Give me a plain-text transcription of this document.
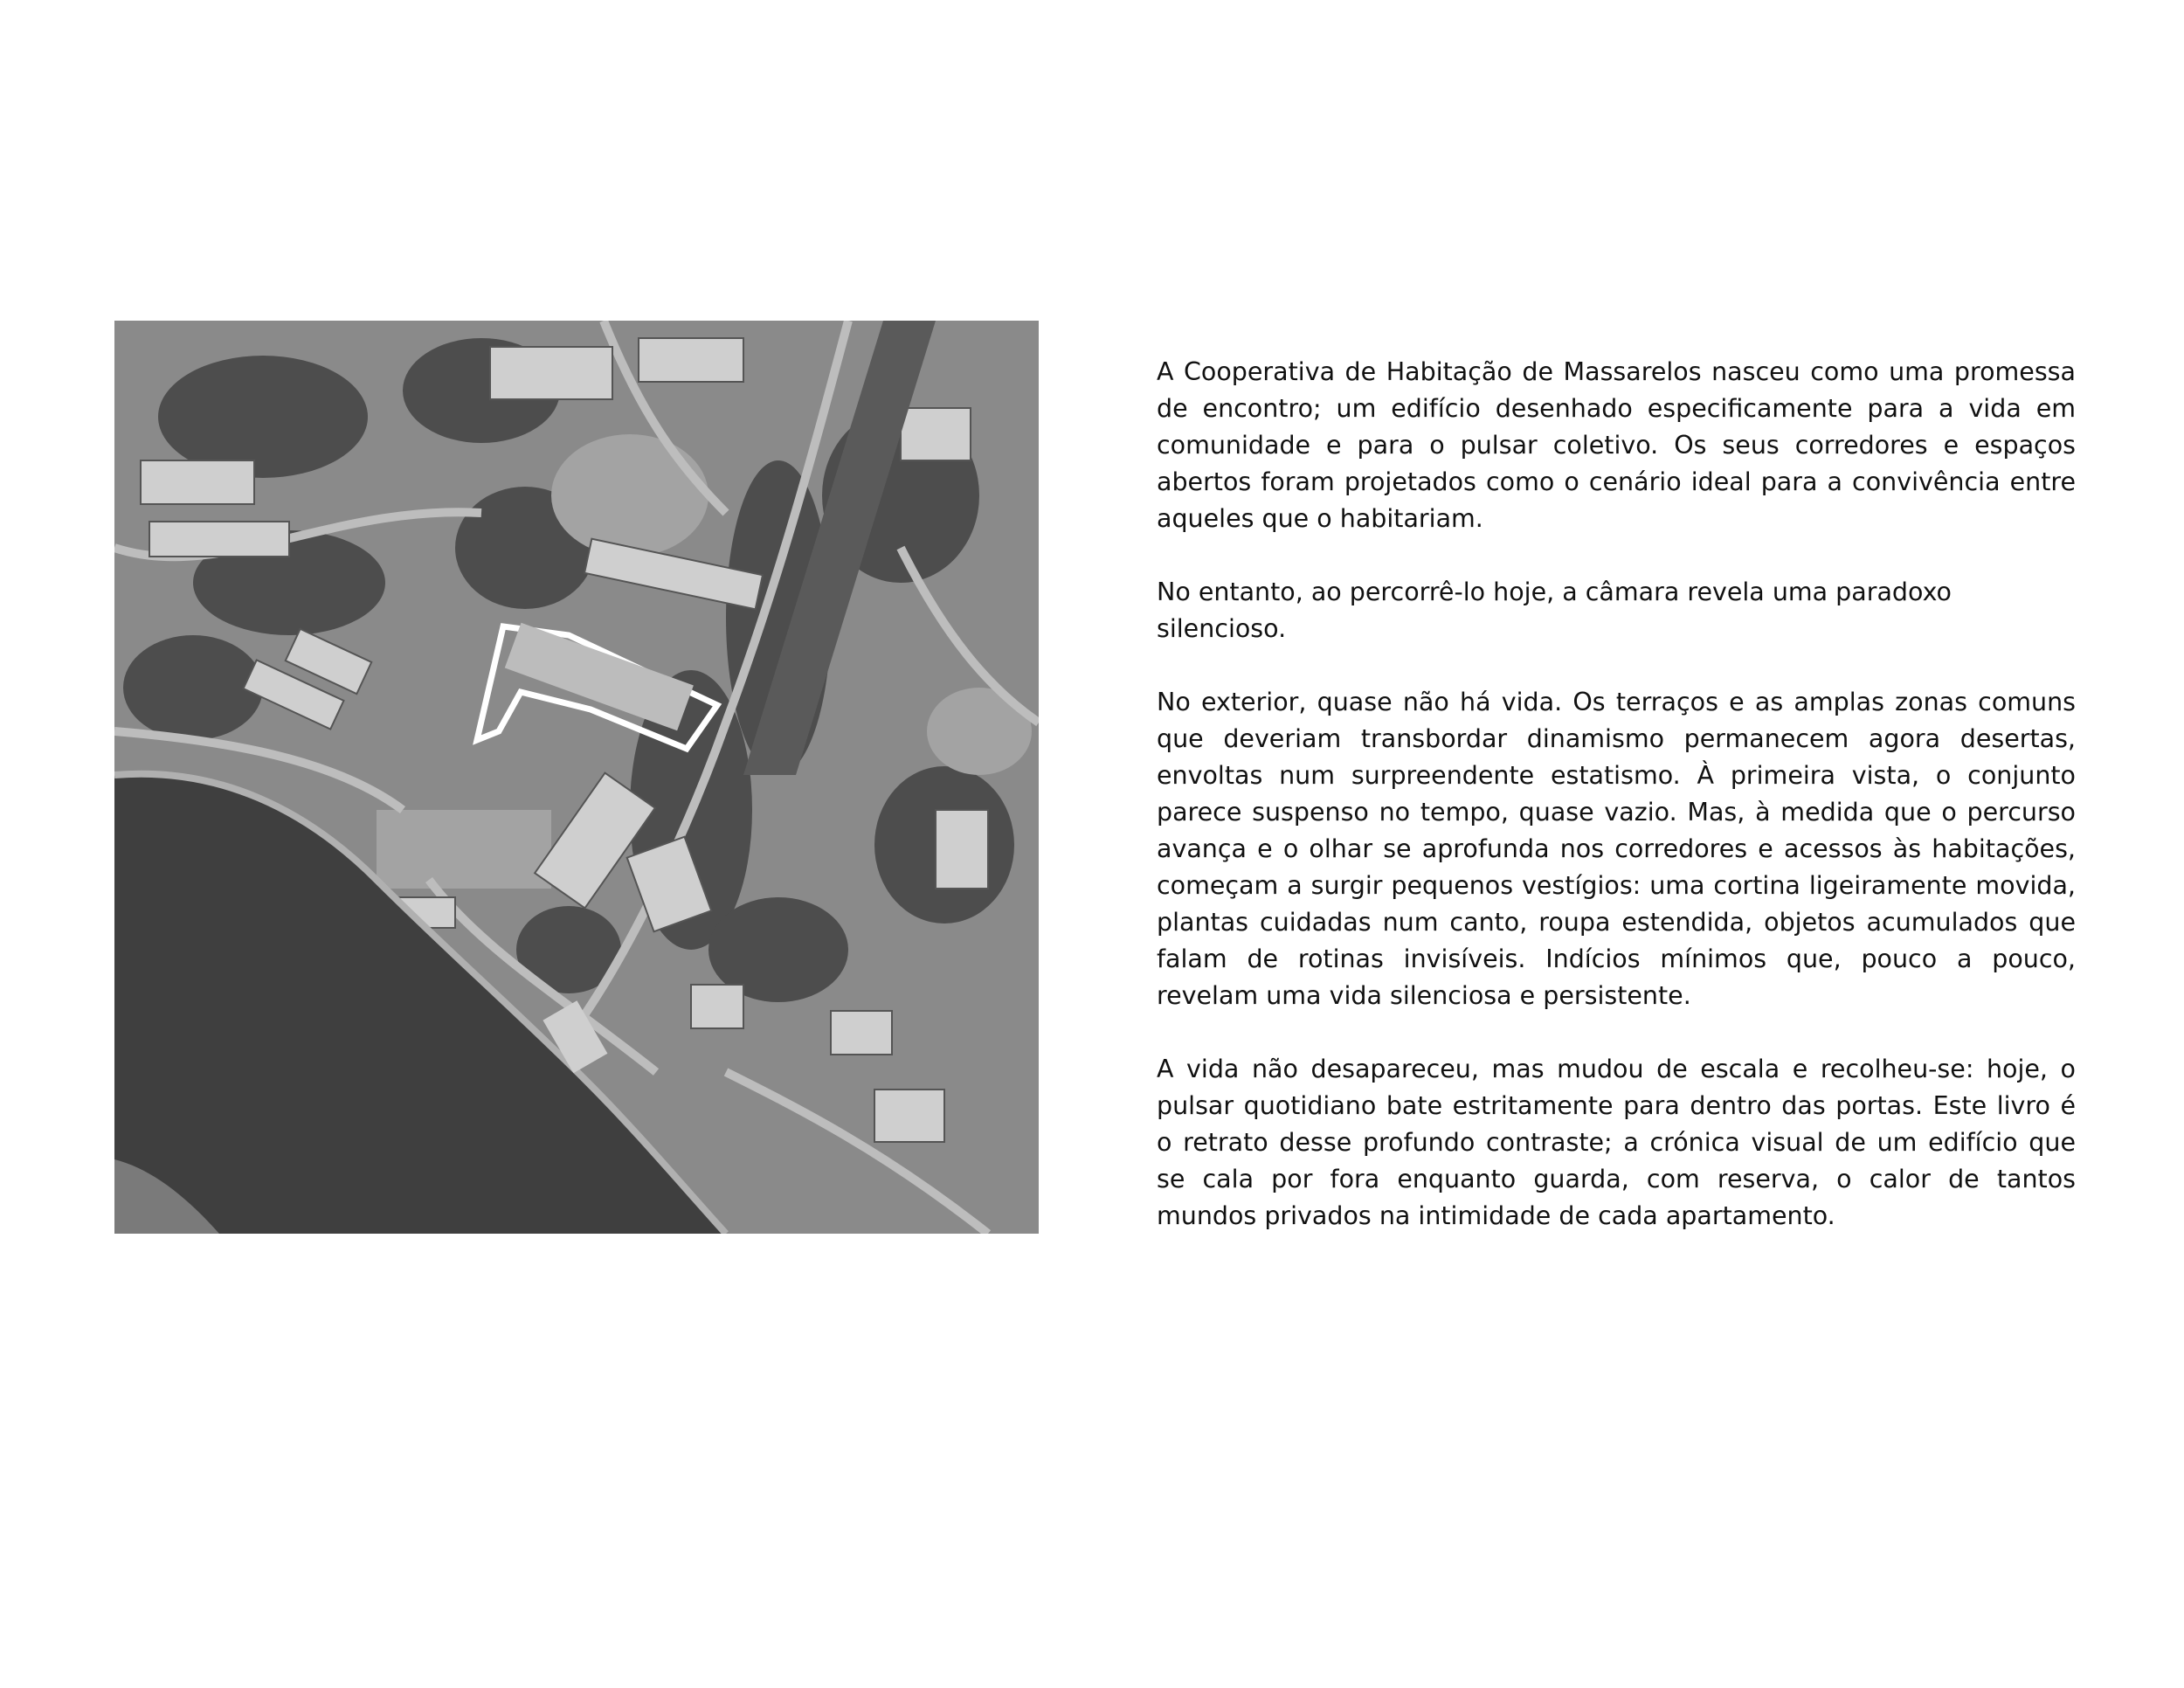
A Cooperativa de Habitação de Massarelos nasceu como uma promessa de encontro; um edifício desenhado especificamente para a vida em comunidade e para o pulsar coletivo. Os seus corredores e espaços abertos foram projetados como o cenário ideal para a convivência entre aqueles que o habitariam.

No entanto, ao percorrê-lo hoje, a câmara revela uma paradoxo silencioso.

No exterior, quase não há vida. Os terraços e as amplas zonas comuns que deveriam transbordar dinamismo permanecem agora desertas, envoltas num surpreendente estatismo. À primeira vista, o conjunto parece suspenso no tempo, quase vazio. Mas, à medida que o percurso avança e o olhar se aprofunda nos corredores e acessos às habitações, começam a surgir pequenos vestígios: uma cortina ligeiramente movida, plantas cuidadas num canto, roupa estendida, objetos acumulados que falam de rotinas invisíveis. Indícios mínimos que, pouco a pouco, revelam uma vida silenciosa e persistente.

A vida não desapareceu, mas mudou de escala e recolheu-se: hoje, o pulsar quotidiano bate estritamente para dentro das portas. Este livro é o retrato desse profundo contraste; a crónica visual de um edifício que se cala por fora enquanto guarda, com reserva, o calor de tantos mundos privados na intimidade de cada apartamento.
